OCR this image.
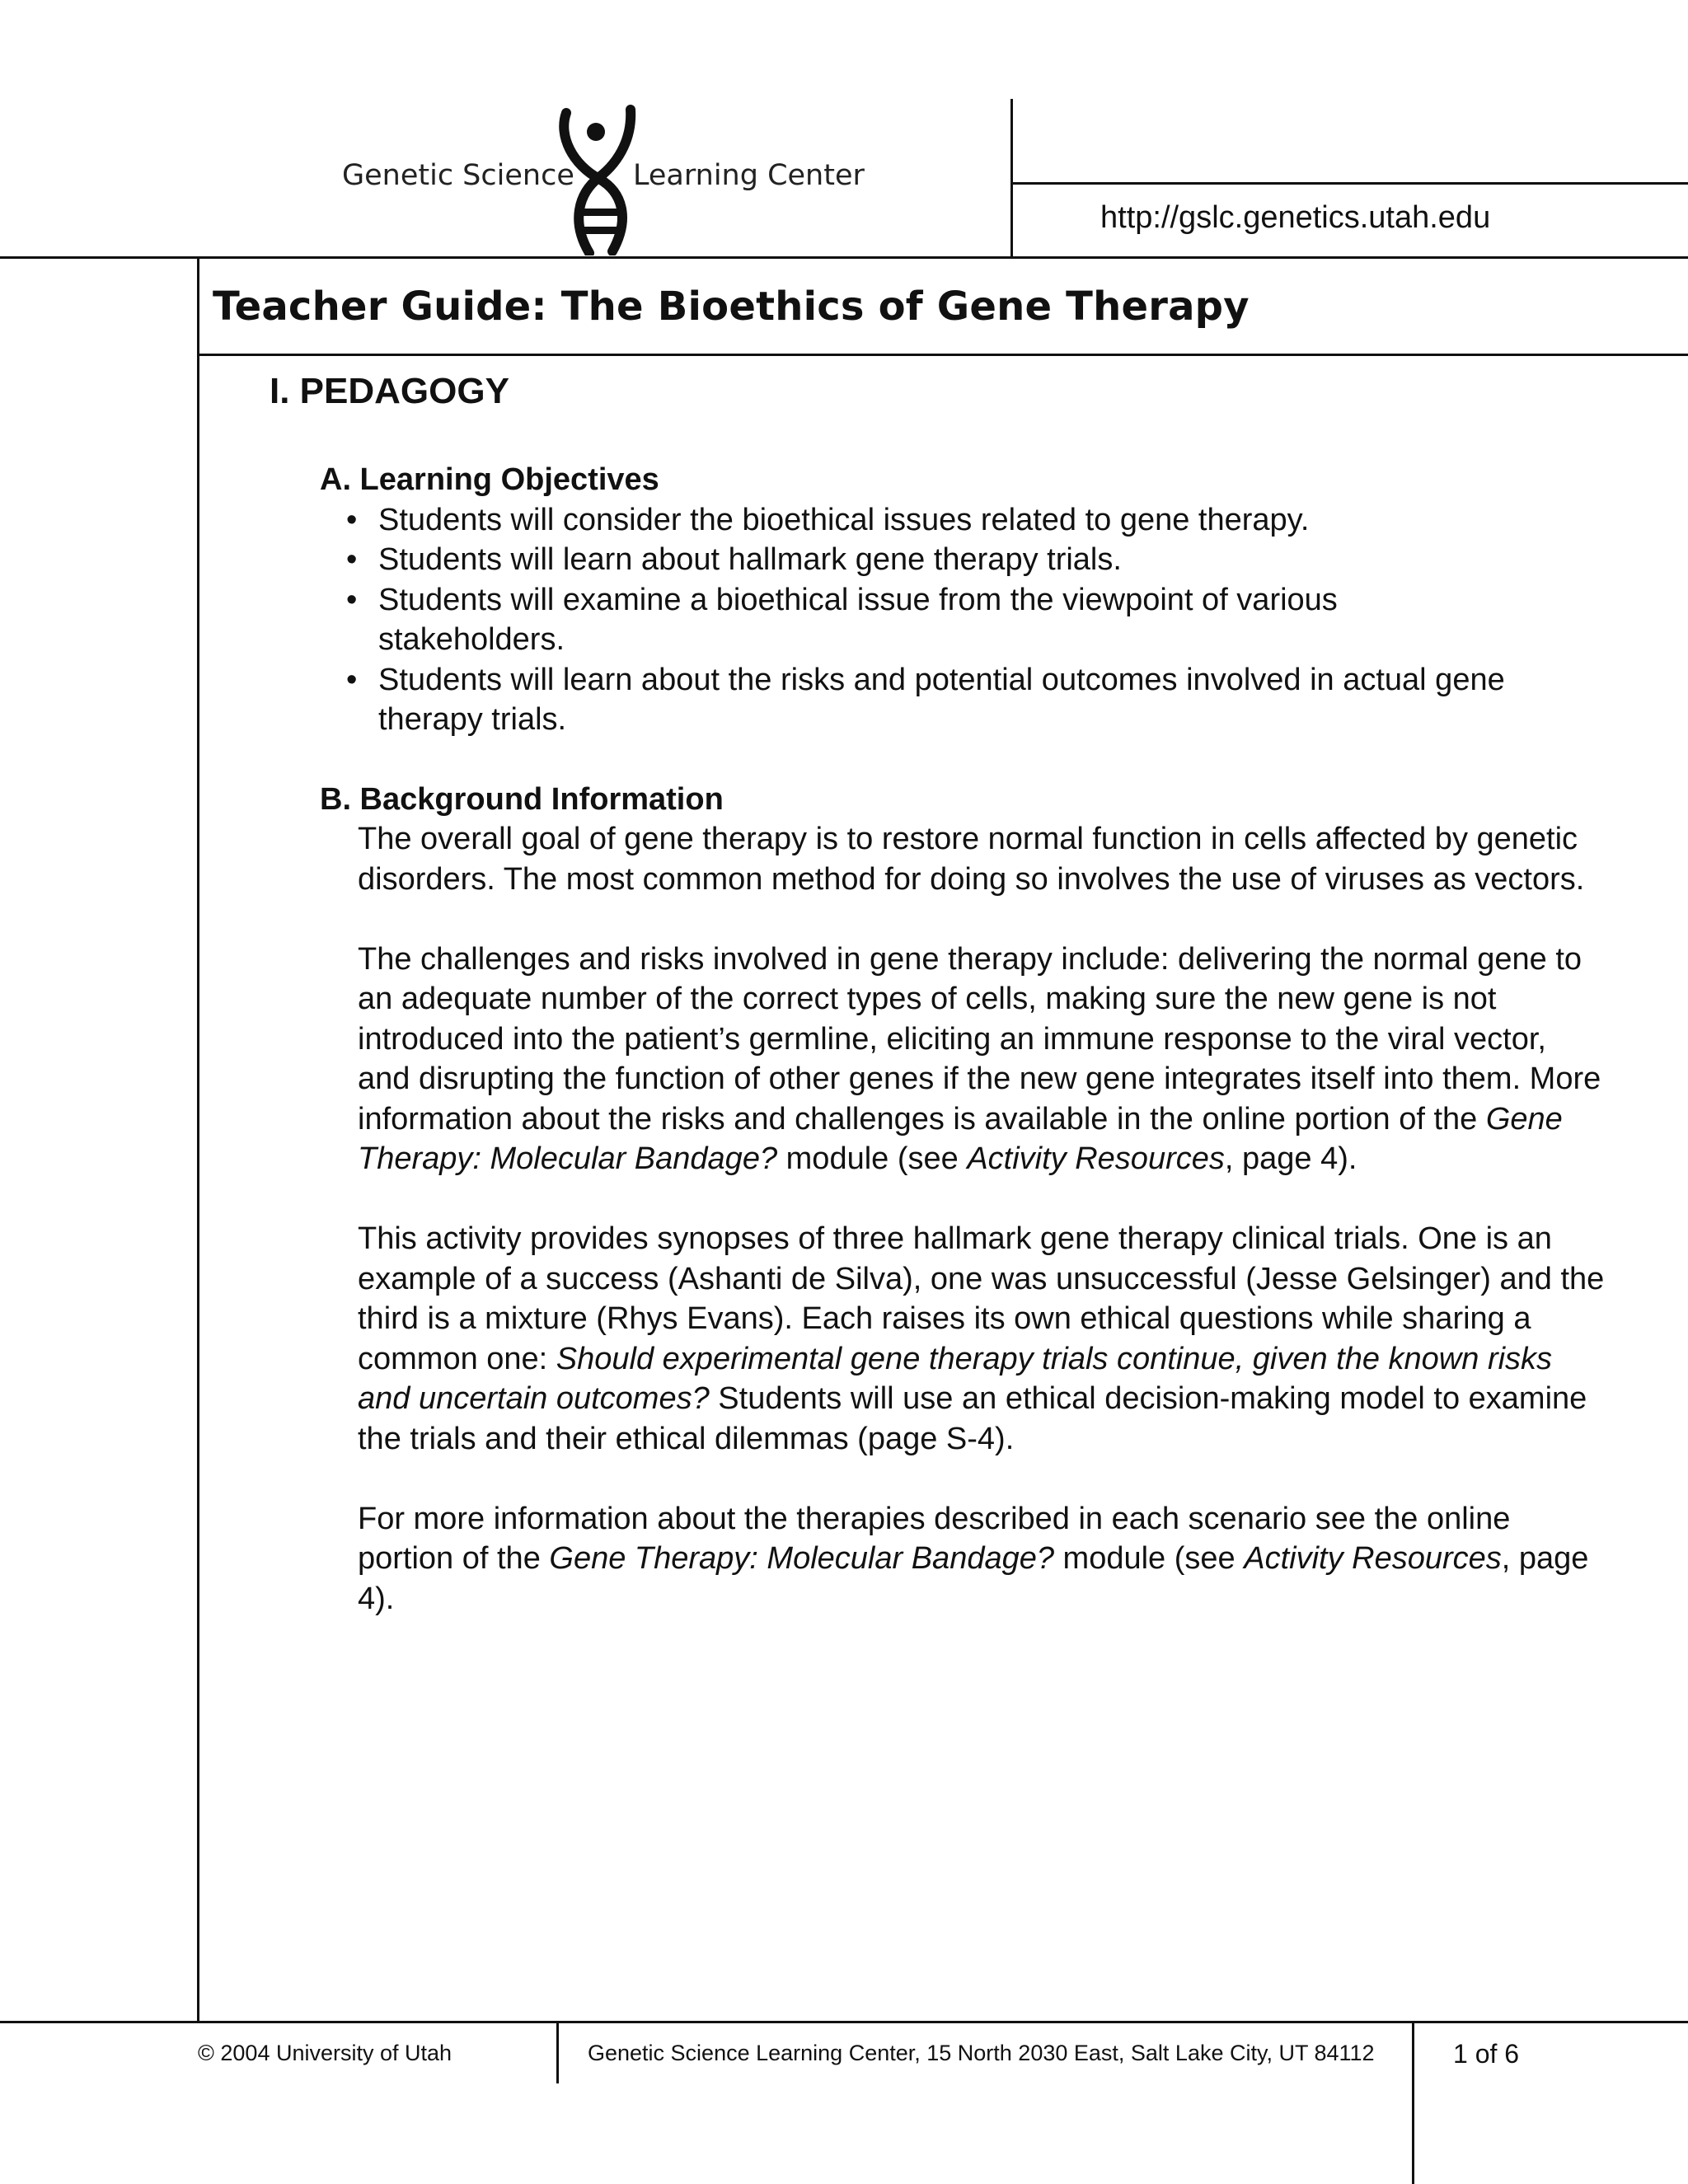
Genetic Science Learning Center
http://gslc.genetics.utah.edu
Teacher Guide: The Bioethics of Gene Therapy
I. PEDAGOGY

A. Learning Objectives

• Students will consider the bioethical issues related to gene therapy.
• Students will learn about hallmark gene therapy trials.
• Students will examine a bioethical issue from the viewpoint of various
stakeholders.
• Students will learn about the risks and potential outcomes involved in actual gene
therapy trials.

B. Background Information

The overall goal of gene therapy is to restore normal function in cells affected by genetic disorders. The most common method for doing so involves the use of viruses as vectors.

The challenges and risks involved in gene therapy include: delivering the normal gene to an adequate number of the correct types of cells, making sure the new gene is not introduced into the patient’s germline, eliciting an immune response to the viral vector, and disrupting the function of other genes if the new gene integrates itself into them. More information about the risks and challenges is available in the online portion of the Gene Therapy: Molecular Bandage? module (see Activity Resources, page 4).

This activity provides synopses of three hallmark gene therapy clinical trials. One is an example of a success (Ashanti de Silva), one was unsuccessful (Jesse Gelsinger) and the third is a mixture (Rhys Evans). Each raises its own ethical questions while sharing a common one: Should experimental gene therapy trials continue, given the known risks and uncertain outcomes? Students will use an ethical decision-making model to examine the trials and their ethical dilemmas (page S-4).

For more information about the therapies described in each scenario see the online portion of the Gene Therapy: Molecular Bandage? module (see Activity Resources, page 4).

© 2004 University of Utah	Genetic Science Learning Center, 15 North 2030 East, Salt Lake City, UT 84112	1 of 6
